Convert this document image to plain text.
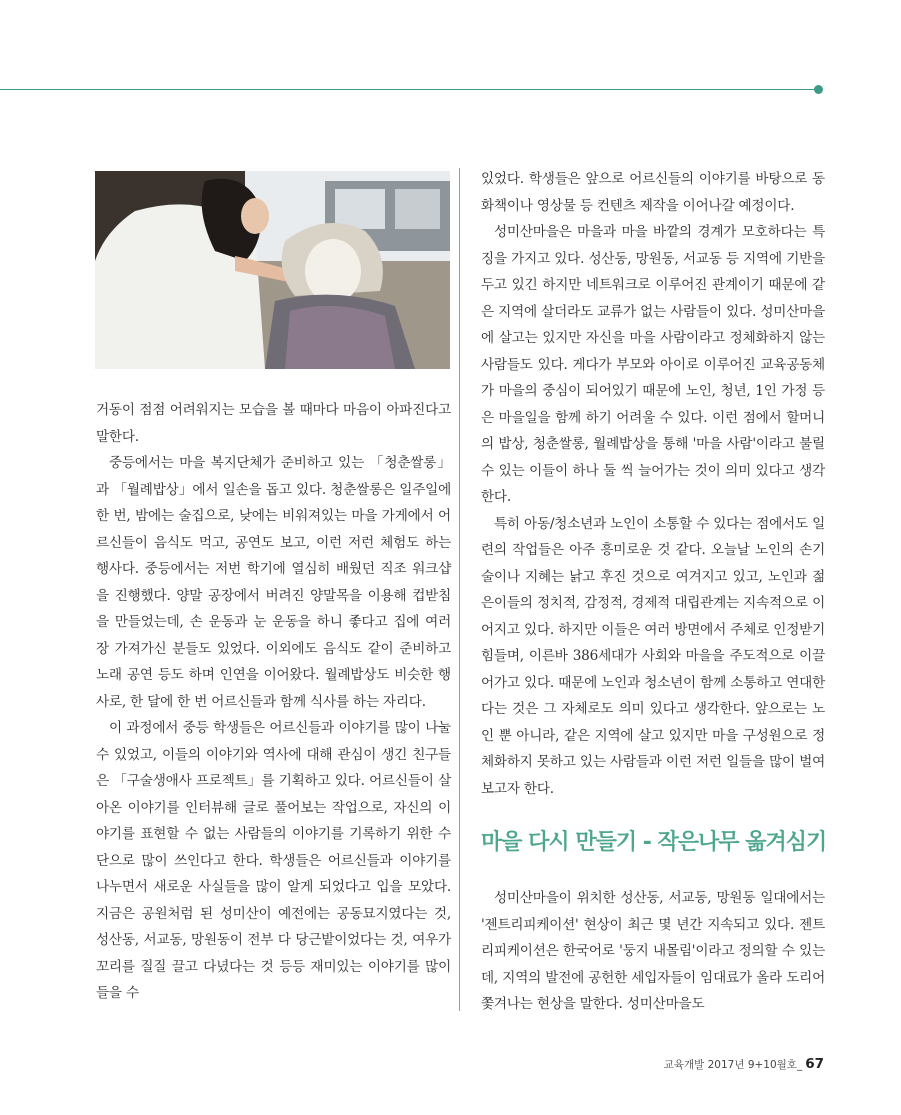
거동이 점점 어려워지는 모습을 볼 때마다 마음이 아파진다고 말한다.

중등에서는 마을 복지단체가 준비하고 있는 「청춘쌀롱」과 「월례밥상」에서 일손을 돕고 있다. 청춘쌀롱은 일주일에 한 번, 밤에는 술집으로, 낮에는 비워져있는 마을 가게에서 어르신들이 음식도 먹고, 공연도 보고, 이런 저런 체험도 하는 행사다. 중등에서는 저번 학기에 열심히 배웠던 직조 워크샵을 진행했다. 양말 공장에서 버려진 양말목을 이용해 컵받침을 만들었는데, 손 운동과 눈 운동을 하니 좋다고 집에 여러 장 가져가신 분들도 있었다. 이외에도 음식도 같이 준비하고 노래 공연 등도 하며 인연을 이어왔다. 월례밥상도 비슷한 행사로, 한 달에 한 번 어르신들과 함께 식사를 하는 자리다.

이 과정에서 중등 학생들은 어르신들과 이야기를 많이 나눌 수 있었고, 이들의 이야기와 역사에 대해 관심이 생긴 친구들은 「구술생애사 프로젝트」를 기획하고 있다. 어르신들이 살아온 이야기를 인터뷰해 글로 풀어보는 작업으로, 자신의 이야기를 표현할 수 없는 사람들의 이야기를 기록하기 위한 수단으로 많이 쓰인다고 한다. 학생들은 어르신들과 이야기를 나누면서 새로운 사실들을 많이 알게 되었다고 입을 모았다. 지금은 공원처럼 된 성미산이 예전에는 공동묘지였다는 것, 성산동, 서교동, 망원동이 전부 다 당근밭이었다는 것, 여우가 꼬리를 질질 끌고 다녔다는 것 등등 재미있는 이야기를 많이 들을 수

있었다. 학생들은 앞으로 어르신들의 이야기를 바탕으로 동화책이나 영상물 등 컨텐츠 제작을 이어나갈 예정이다.

성미산마을은 마을과 마을 바깥의 경계가 모호하다는 특징을 가지고 있다. 성산동, 망원동, 서교동 등 지역에 기반을 두고 있긴 하지만 네트워크로 이루어진 관계이기 때문에 같은 지역에 살더라도 교류가 없는 사람들이 있다. 성미산마을에 살고는 있지만 자신을 마을 사람이라고 정체화하지 않는 사람들도 있다. 게다가 부모와 아이로 이루어진 교육공동체가 마을의 중심이 되어있기 때문에 노인, 청년, 1인 가정 등은 마을일을 함께 하기 어려울 수 있다. 이런 점에서 할머니의 밥상, 청춘쌀롱, 월례밥상을 통해 '마을 사람'이라고 불릴 수 있는 이들이 하나 둘 씩 늘어가는 것이 의미 있다고 생각한다.

특히 아동/청소년과 노인이 소통할 수 있다는 점에서도 일련의 작업들은 아주 흥미로운 것 같다. 오늘날 노인의 손기술이나 지혜는 낡고 후진 것으로 여겨지고 있고, 노인과 젊은이들의 정치적, 감정적, 경제적 대립관계는 지속적으로 이어지고 있다. 하지만 이들은 여러 방면에서 주체로 인정받기 힘들며, 이른바 386세대가 사회와 마을을 주도적으로 이끌어가고 있다. 때문에 노인과 청소년이 함께 소통하고 연대한다는 것은 그 자체로도 의미 있다고 생각한다. 앞으로는 노인 뿐 아니라, 같은 지역에 살고 있지만 마을 구성원으로 정체화하지 못하고 있는 사람들과 이런 저런 일들을 많이 벌여보고자 한다.

마을 다시 만들기 - 작은나무 옮겨심기

성미산마을이 위치한 성산동, 서교동, 망원동 일대에서는 '젠트리피케이션' 현상이 최근 몇 년간 지속되고 있다. 젠트리피케이션은 한국어로 '둥지 내몰림'이라고 정의할 수 있는데, 지역의 발전에 공헌한 세입자들이 임대료가 올라 도리어 쫓겨나는 현상을 말한다. 성미산마을도

교육개발 2017년 9+10월호_ 67
